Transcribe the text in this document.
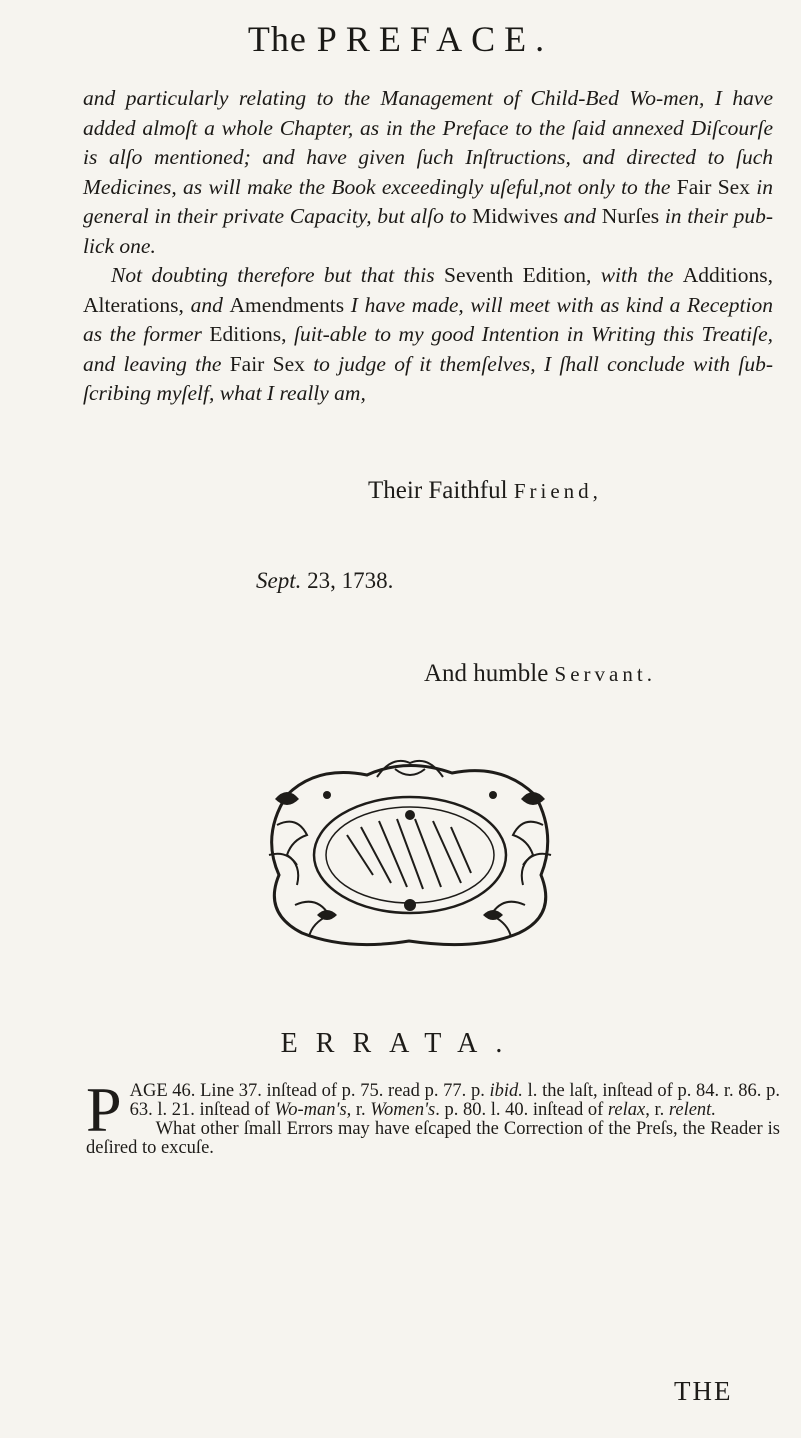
The PREFACE.

and particularly relating to the Management of Child-Bed Wo-men, I have added almoſt a whole Chapter, as in the Preface to the ſaid annexed Diſcourſe is alſo mentioned; and have given ſuch Inſtructions, and directed to ſuch Medicines, as will make the Book exceedingly uſeful,not only to the Fair Sex in general in their private Capacity, but alſo to Midwives and Nurſes in their pub-lick one.

Not doubting therefore but that this Seventh Edition, with the Additions, Alterations, and Amendments I have made, will meet with as kind a Reception as the former Editions, ſuit-able to my good Intention in Writing this Treatiſe, and leaving the Fair Sex to judge of it themſelves, I ſhall conclude with ſub-ſcribing myſelf, what I really am,

Their Faithful Friend,
Sept. 23, 1738.
And humble Servant.
ERRATA.

PAGE 46. Line 37. inſtead of p. 75. read p. 77. p. ibid. l. the laſt, inſtead of p. 84. r. 86. p. 63. l. 21. inſtead of Wo-man's, r. Women's. p. 80. l. 40. inſtead of relax, r. relent.

What other ſmall Errors may have eſcaped the Correction of the Preſs, the Reader is deſired to excuſe.

THE
